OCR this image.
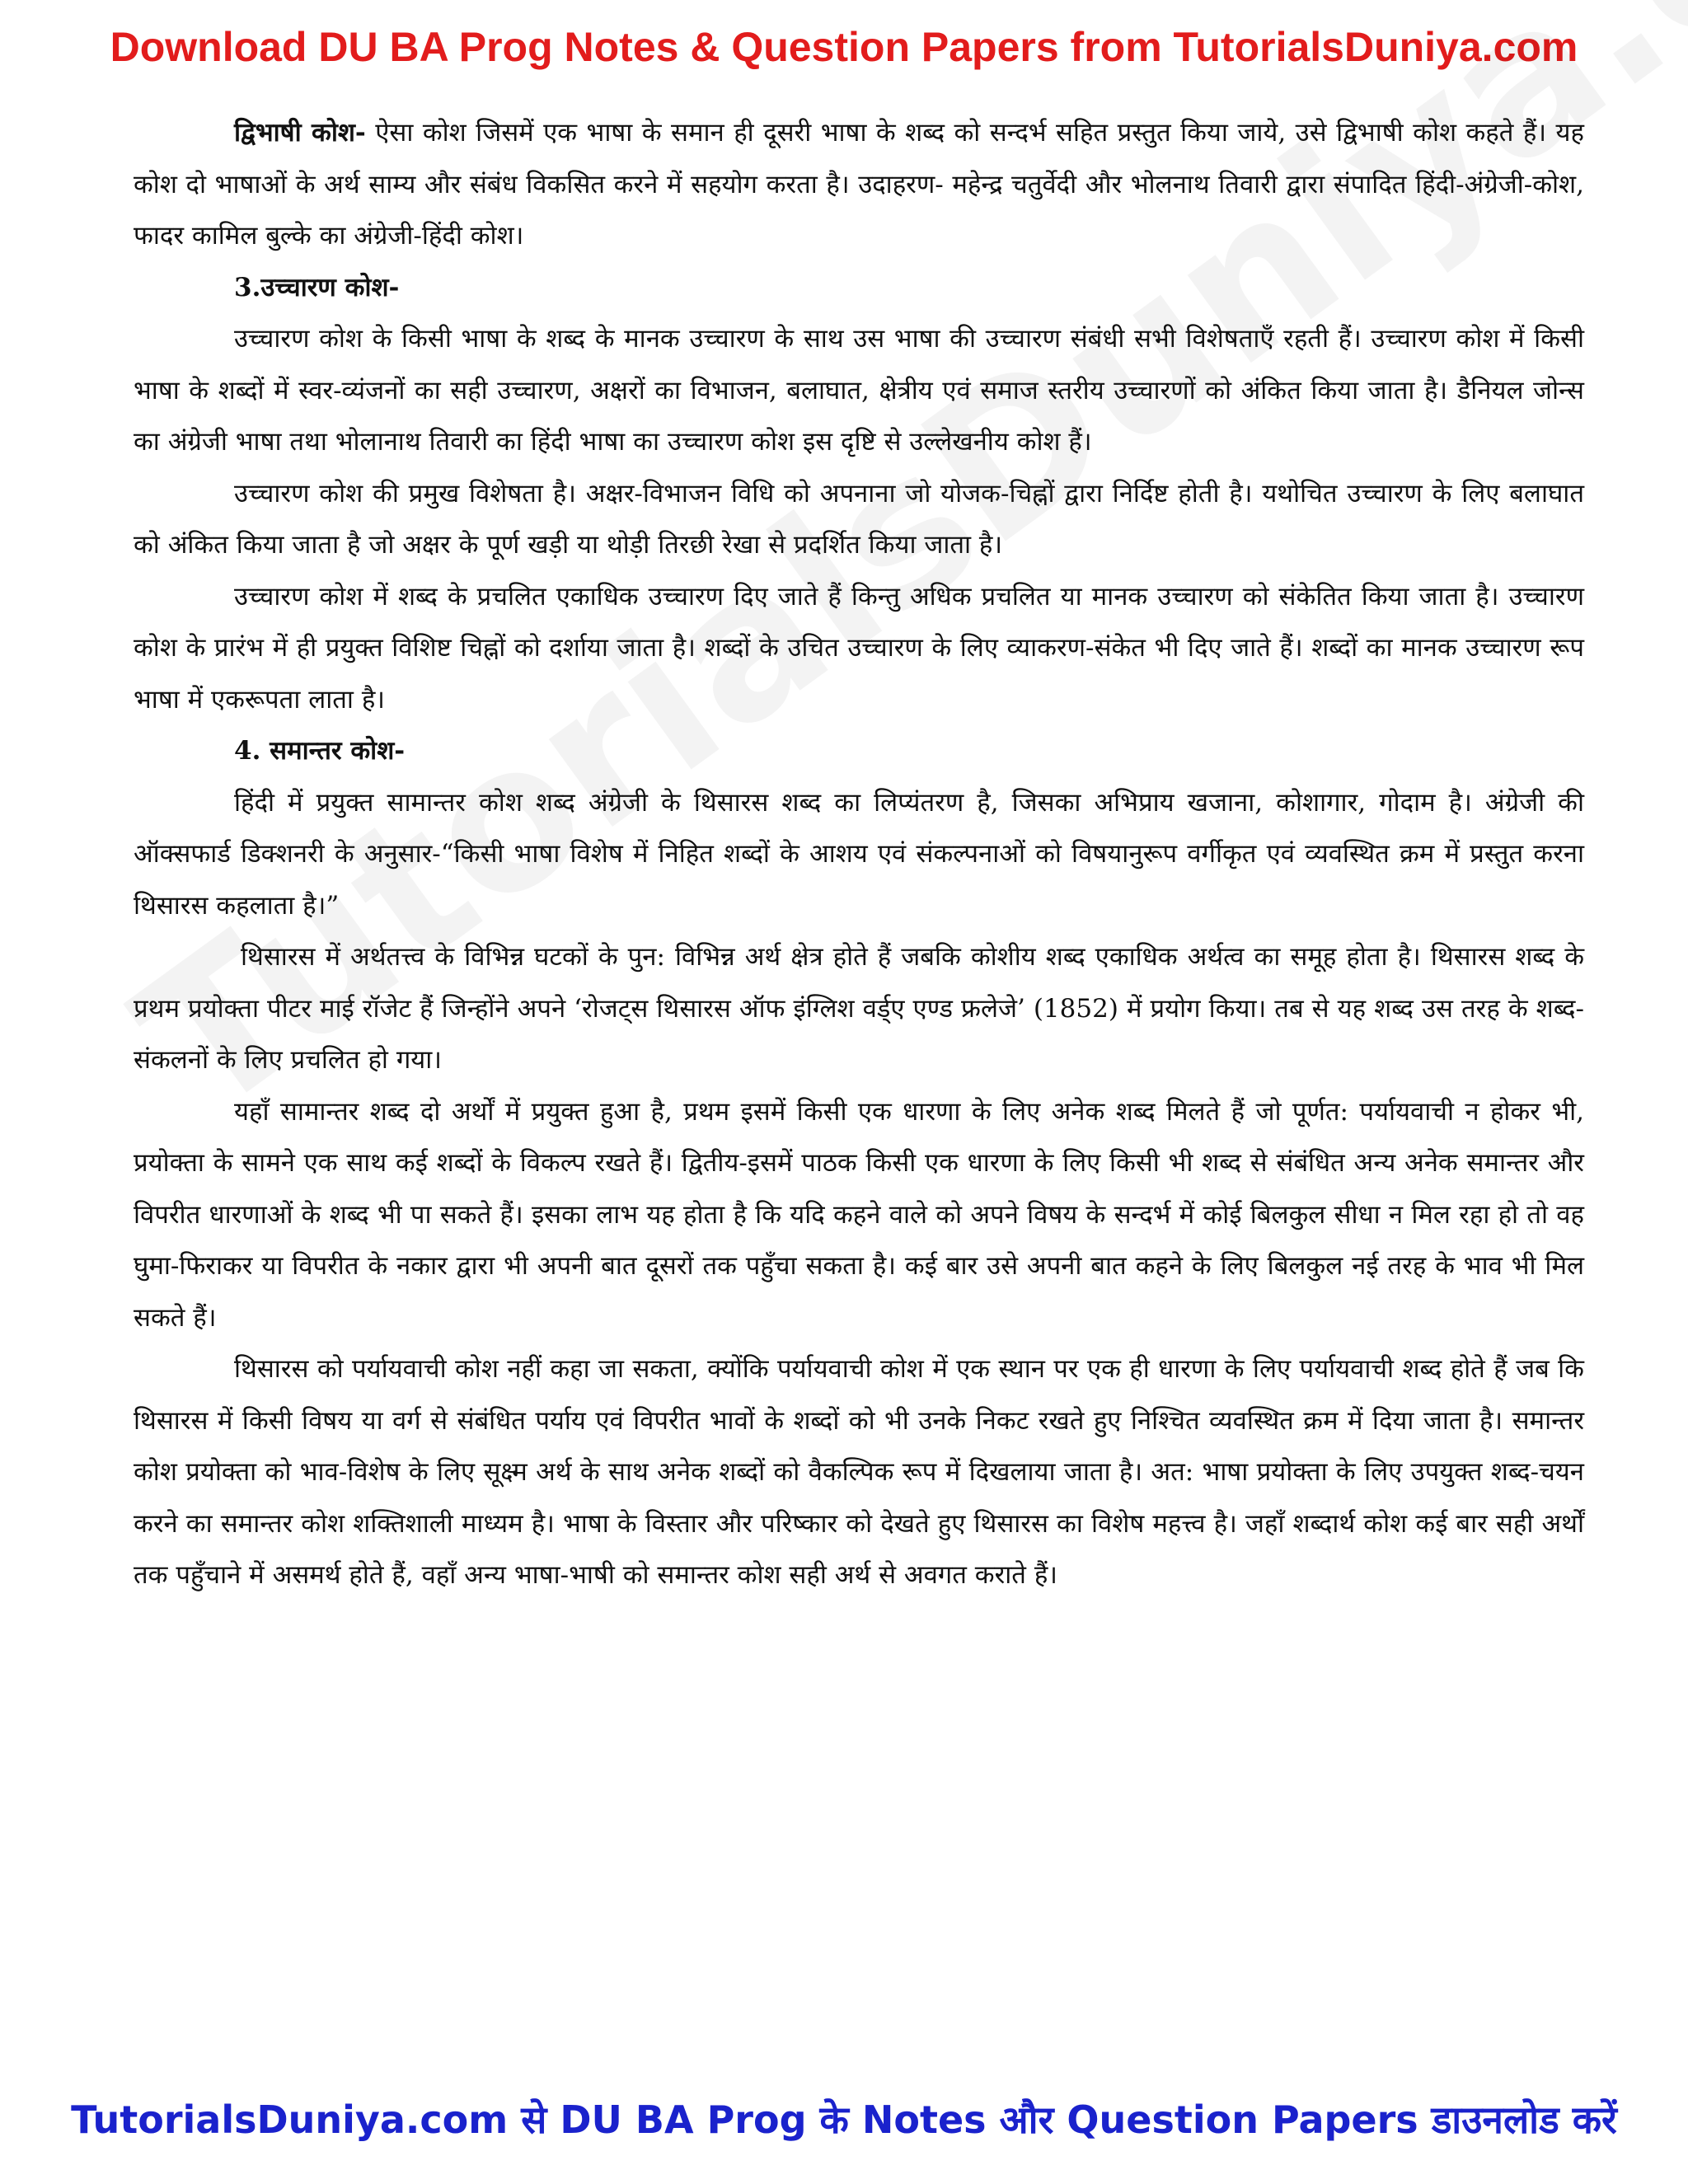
Download DU BA Prog Notes & Question Papers from TutorialsDuniya.com

द्विभाषी कोश- ऐसा कोश जिसमें एक भाषा के समान ही दूसरी भाषा के शब्द को सन्दर्भ सहित प्रस्तुत किया जाये, उसे द्विभाषी कोश कहते हैं। यह कोश दो भाषाओं के अर्थ साम्य और संबंध विकसित करने में सहयोग करता है। उदाहरण- महेन्द्र चतुर्वेदी और भोलनाथ तिवारी द्वारा संपादित हिंदी-अंग्रेजी-कोश, फादर कामिल बुल्के का अंग्रेजी-हिंदी कोश।

3.उच्चारण कोश-

उच्चारण कोश के किसी भाषा के शब्द के मानक उच्चारण के साथ उस भाषा की उच्चारण संबंधी सभी विशेषताएँ रहती हैं। उच्चारण कोश में किसी भाषा के शब्दों में स्वर-व्यंजनों का सही उच्चारण, अक्षरों का विभाजन, बलाघात, क्षेत्रीय एवं समाज स्तरीय उच्चारणों को अंकित किया जाता है। डैनियल जोन्स का अंग्रेजी भाषा तथा भोलानाथ तिवारी का हिंदी भाषा का उच्चारण कोश इस दृष्टि से उल्लेखनीय कोश हैं।

उच्चारण कोश की प्रमुख विशेषता है। अक्षर-विभाजन विधि को अपनाना जो योजक-चिह्नों द्वारा निर्दिष्ट होती है। यथोचित उच्चारण के लिए बलाघात को अंकित किया जाता है जो अक्षर के पूर्ण खड़ी या थोड़ी तिरछी रेखा से प्रदर्शित किया जाता है।

उच्चारण कोश में शब्द के प्रचलित एकाधिक उच्चारण दिए जाते हैं किन्तु अधिक प्रचलित या मानक उच्चारण को संकेतित किया जाता है। उच्चारण कोश के प्रारंभ में ही प्रयुक्त विशिष्ट चिह्नों को दर्शाया जाता है। शब्दों के उचित उच्चारण के लिए व्याकरण-संकेत भी दिए जाते हैं। शब्दों का मानक उच्चारण रूप भाषा में एकरूपता लाता है।

4. समान्तर कोश-

हिंदी में प्रयुक्त सामान्तर कोश शब्द अंग्रेजी के थिसारस शब्द का लिप्यंतरण है, जिसका अभिप्राय खजाना, कोशागार, गोदाम है। अंग्रेजी की ऑक्सफार्ड डिक्शनरी के अनुसार-“किसी भाषा विशेष में निहित शब्दों के आशय एवं संकल्पनाओं को विषयानुरूप वर्गीकृत एवं व्यवस्थित क्रम में प्रस्तुत करना थिसारस कहलाता है।”

थिसारस में अर्थतत्त्व के विभिन्न घटकों के पुन: विभिन्न अर्थ क्षेत्र होते हैं जबकि कोशीय शब्द एकाधिक अर्थत्व का समूह होता है। थिसारस शब्द के प्रथम प्रयोक्ता पीटर माई रॉजेट हैं जिन्होंने अपने ‘रोजट्स थिसारस ऑफ इंग्लिश वर्ड्ए एण्ड फ्रलेजे’ (1852) में प्रयोग किया। तब से यह शब्द उस तरह के शब्द-संकलनों के लिए प्रचलित हो गया।

यहाँ सामान्तर शब्द दो अर्थों में प्रयुक्त हुआ है, प्रथम इसमें किसी एक धारणा के लिए अनेक शब्द मिलते हैं जो पूर्णत: पर्यायवाची न होकर भी, प्रयोक्ता के सामने एक साथ कई शब्दों के विकल्प रखते हैं। द्वितीय-इसमें पाठक किसी एक धारणा के लिए किसी भी शब्द से संबंधित अन्य अनेक समान्तर और विपरीत धारणाओं के शब्द भी पा सकते हैं। इसका लाभ यह होता है कि यदि कहने वाले को अपने विषय के सन्दर्भ में कोई बिलकुल सीधा न मिल रहा हो तो वह घुमा-फिराकर या विपरीत के नकार द्वारा भी अपनी बात दूसरों तक पहुँचा सकता है। कई बार उसे अपनी बात कहने के लिए बिलकुल नई तरह के भाव भी मिल सकते हैं।

थिसारस को पर्यायवाची कोश नहीं कहा जा सकता, क्योंकि पर्यायवाची कोश में एक स्थान पर एक ही धारणा के लिए पर्यायवाची शब्द होते हैं जब कि थिसारस में किसी विषय या वर्ग से संबंधित पर्याय एवं विपरीत भावों के शब्दों को भी उनके निकट रखते हुए निश्चित व्यवस्थित क्रम में दिया जाता है। समान्तर कोश प्रयोक्ता को भाव-विशेष के लिए सूक्ष्म अर्थ के साथ अनेक शब्दों को वैकल्पिक रूप में दिखलाया जाता है। अत: भाषा प्रयोक्ता के लिए उपयुक्त शब्द-चयन करने का समान्तर कोश शक्तिशाली माध्यम है। भाषा के विस्तार और परिष्कार को देखते हुए थिसारस का विशेष महत्त्व है। जहाँ शब्दार्थ कोश कई बार सही अर्थों तक पहुँचाने में असमर्थ होते हैं, वहाँ अन्य भाषा-भाषी को समान्तर कोश सही अर्थ से अवगत कराते हैं।

TutorialsDuniya.com से DU BA Prog के Notes और Question Papers डाउनलोड करें
